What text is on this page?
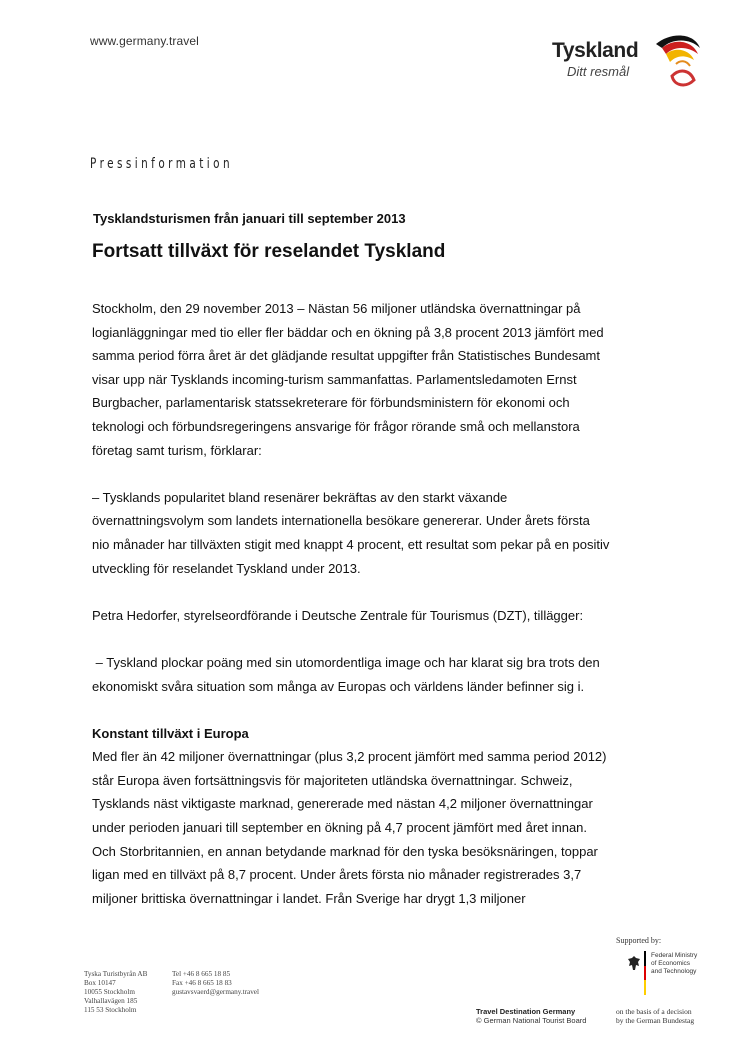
www.germany.travel	Tyskland
Ditt resmål
Pressinformation
Tysklandsturismen från januari till september 2013
Fortsatt tillväxt för reselandet Tyskland

Stockholm, den 29 november 2013 – Nästan 56 miljoner utländska övernattningar på

logianläggningar med tio eller fler bäddar och en ökning på 3,8 procent 2013 jämfört med

samma period förra året är det glädjande resultat uppgifter från Statistisches Bundesamt

visar upp när Tysklands incoming-turism sammanfattas. Parlamentsledamoten Ernst

Burgbacher, parlamentarisk statssekreterare för förbundsministern för ekonomi och

teknologi och förbundsregeringens ansvarige för frågor rörande små och mellanstora

företag samt turism, förklarar:

– Tysklands popularitet bland resenärer bekräftas av den starkt växande

övernattningsvolym som landets internationella besökare genererar. Under årets första

nio månader har tillväxten stigit med knappt 4 procent, ett resultat som pekar på en positiv

utveckling för reselandet Tyskland under 2013.

Petra Hedorfer, styrelseordförande i Deutsche Zentrale für Tourismus (DZT), tillägger:

– Tyskland plockar poäng med sin utomordentliga image och har klarat sig bra trots den

ekonomiskt svåra situation som många av Europas och världens länder befinner sig i.

Konstant tillväxt i Europa

Med fler än 42 miljoner övernattningar (plus 3,2 procent jämfört med samma period 2012)

står Europa även fortsättningsvis för majoriteten utländska övernattningar. Schweiz,

Tysklands näst viktigaste marknad, genererade med nästan 4,2 miljoner övernattningar

under perioden januari till september en ökning på 4,7 procent jämfört med året innan.

Och Storbritannien, en annan betydande marknad för den tyska besöksnäringen, toppar

ligan med en tillväxt på 8,7 procent. Under årets första nio månader registrerades 3,7

miljoner brittiska övernattningar i landet. Från Sverige har drygt 1,3 miljoner

Supported by:
Federal Ministry
of Economics
and Technology
Tyska Turistbyrån AB
Box 10147
10055 Stockholm
Valhallavägen 185
115 53 Stockholm
Tel +46 8 665 18 85
Fax +46 8 665 18 83
gustavsvaerd@germany.travel
Travel Destination Germany
© German National Tourist Board
on the basis of a decision
by the German Bundestag
